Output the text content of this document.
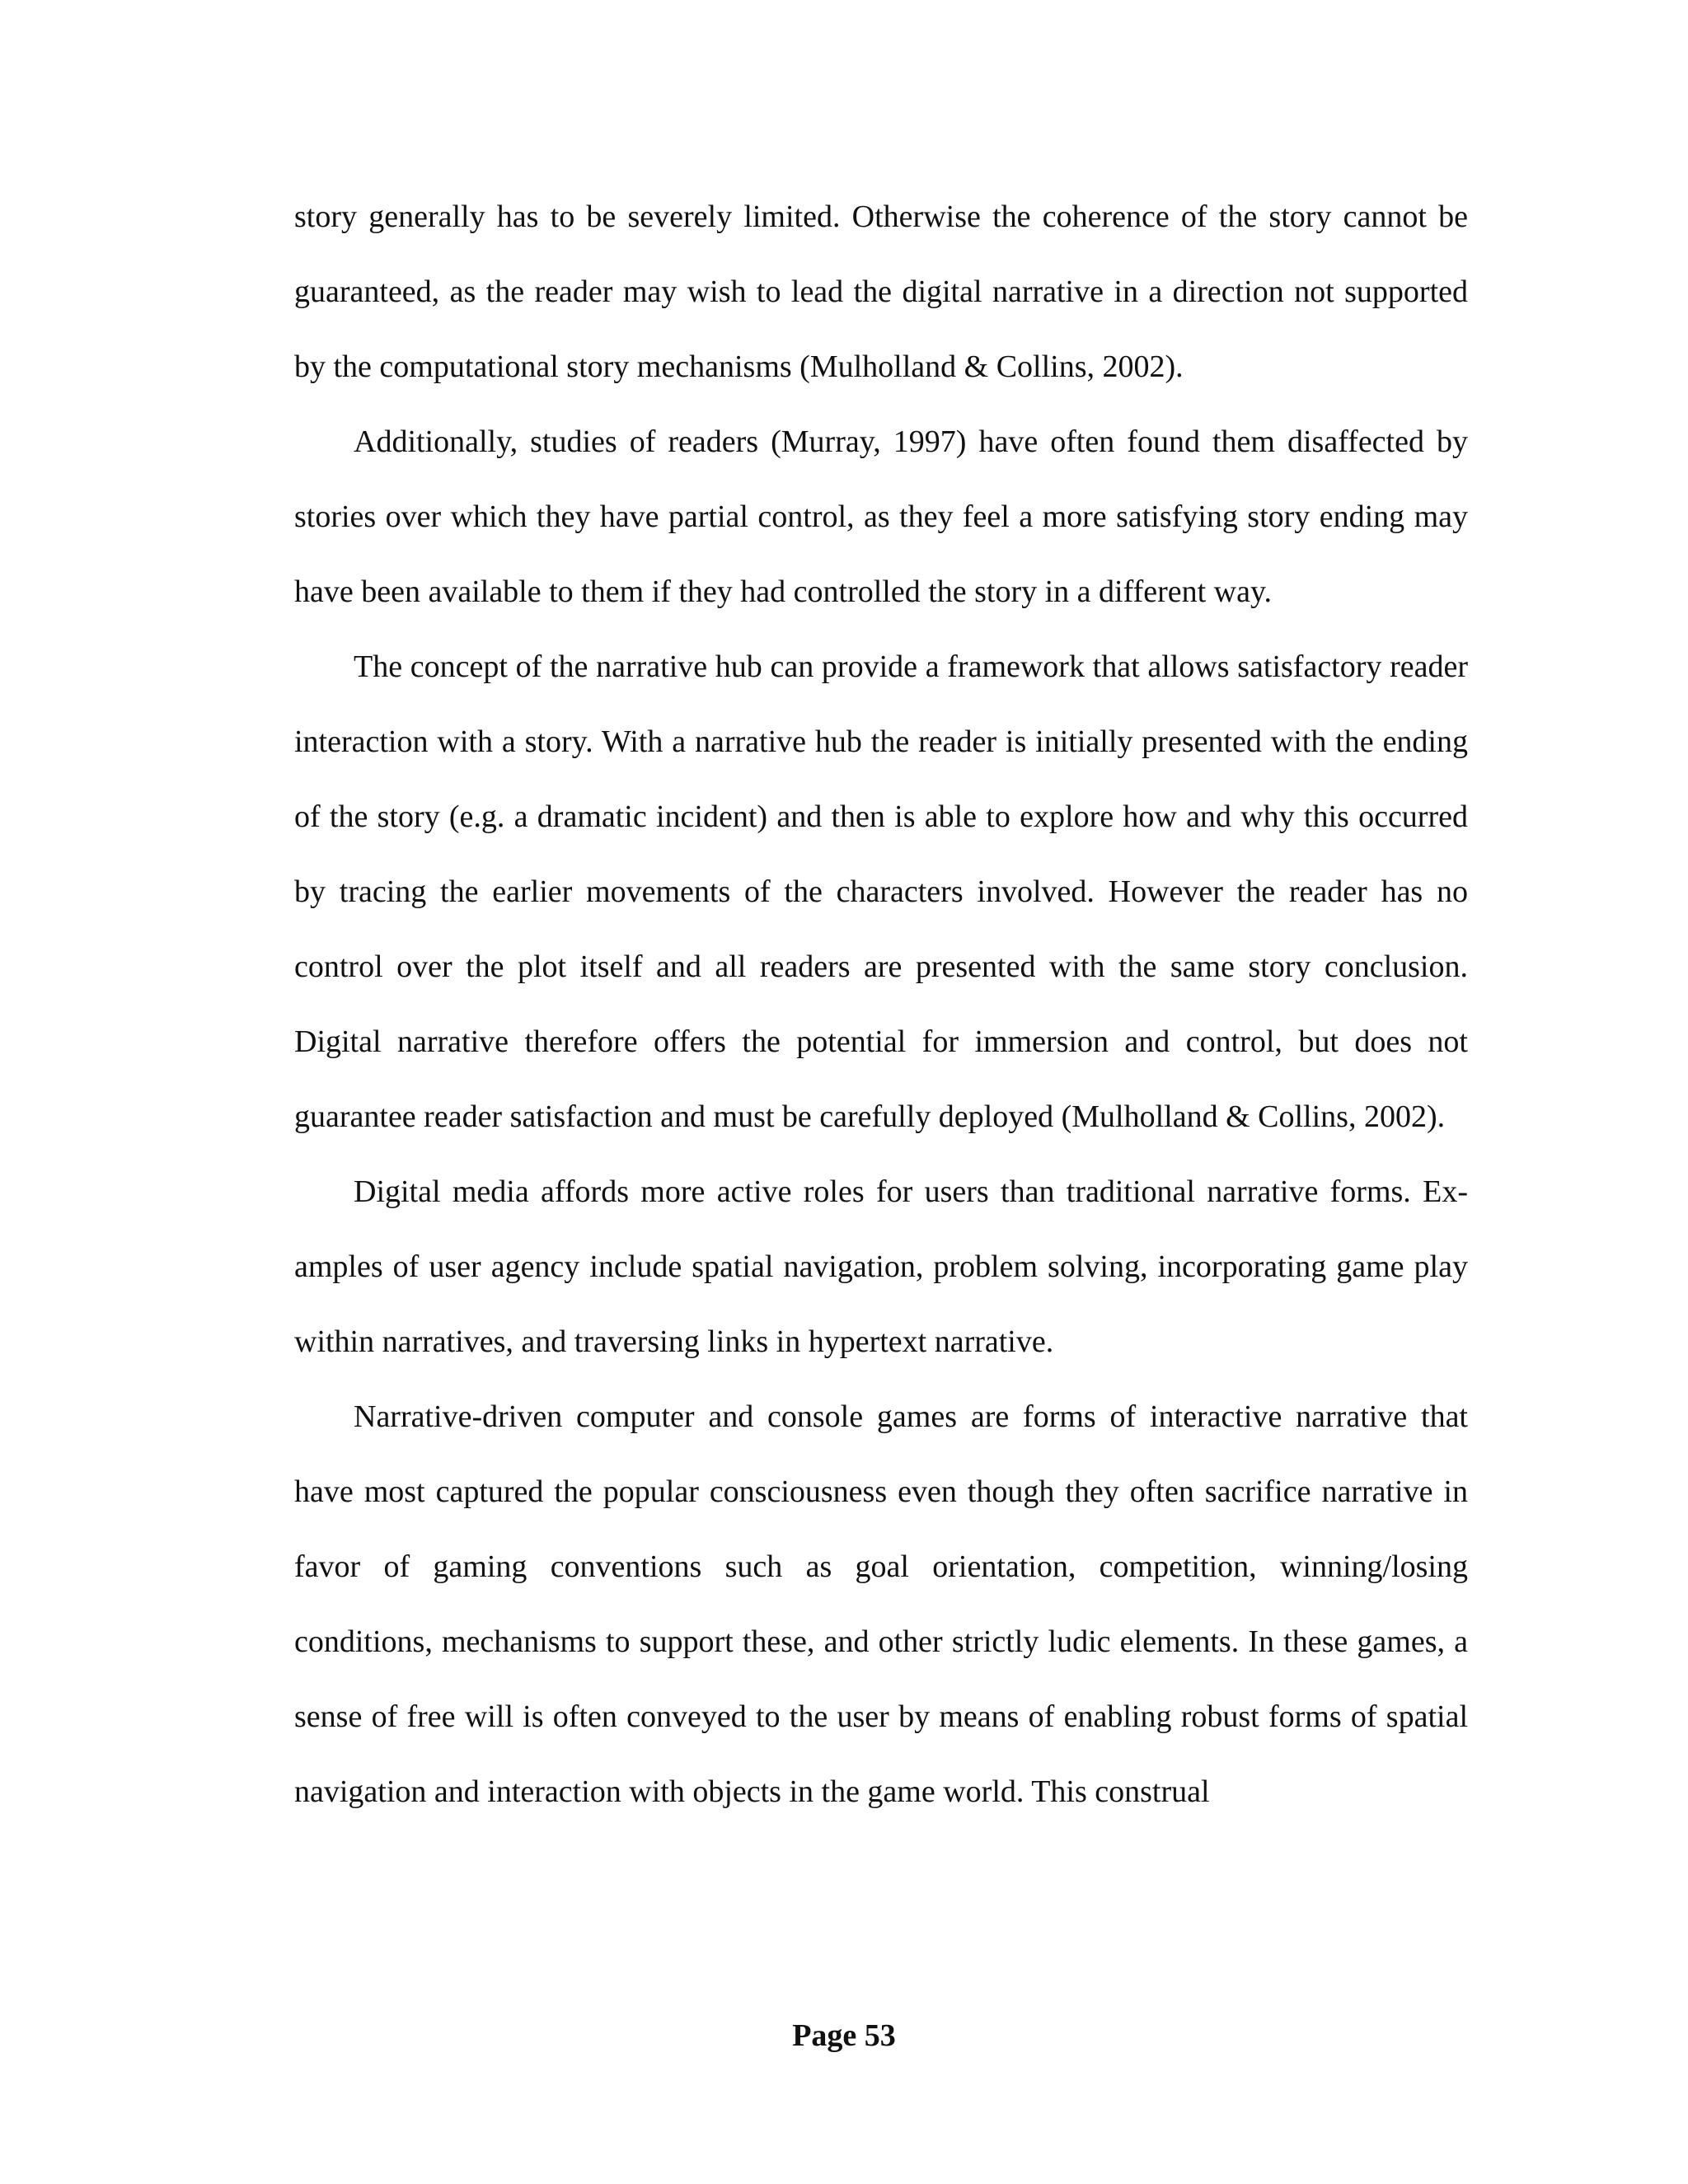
story generally has to be severely limited. Otherwise the coherence of the story cannot be guaranteed, as the reader may wish to lead the digital narrative in a direction not supported by the computational story mechanisms (Mulholland & Collins, 2002).

Additionally, studies of readers (Murray, 1997) have often found them disaffected by stories over which they have partial control, as they feel a more satisfying story ending may have been available to them if they had controlled the story in a different way.

The concept of the narrative hub can provide a framework that allows satisfactory reader interaction with a story. With a narrative hub the reader is initially presented with the ending of the story (e.g. a dramatic incident) and then is able to explore how and why this occurred by tracing the earlier movements of the characters involved. However the reader has no control over the plot itself and all readers are presented with the same story conclusion. Digital narrative therefore offers the potential for immersion and control, but does not guarantee reader satisfaction and must be carefully deployed (Mulholland & Collins, 2002).

Digital media affords more active roles for users than traditional narrative forms. Examples of user agency include spatial navigation, problem solving, incorporating game play within narratives, and traversing links in hypertext narrative.

Narrative-driven computer and console games are forms of interactive narrative that have most captured the popular consciousness even though they often sacrifice narrative in favor of gaming conventions such as goal orientation, competition, winning/losing conditions, mechanisms to support these, and other strictly ludic elements. In these games, a sense of free will is often conveyed to the user by means of enabling robust forms of spatial navigation and interaction with objects in the game world. This construal

Page 53
